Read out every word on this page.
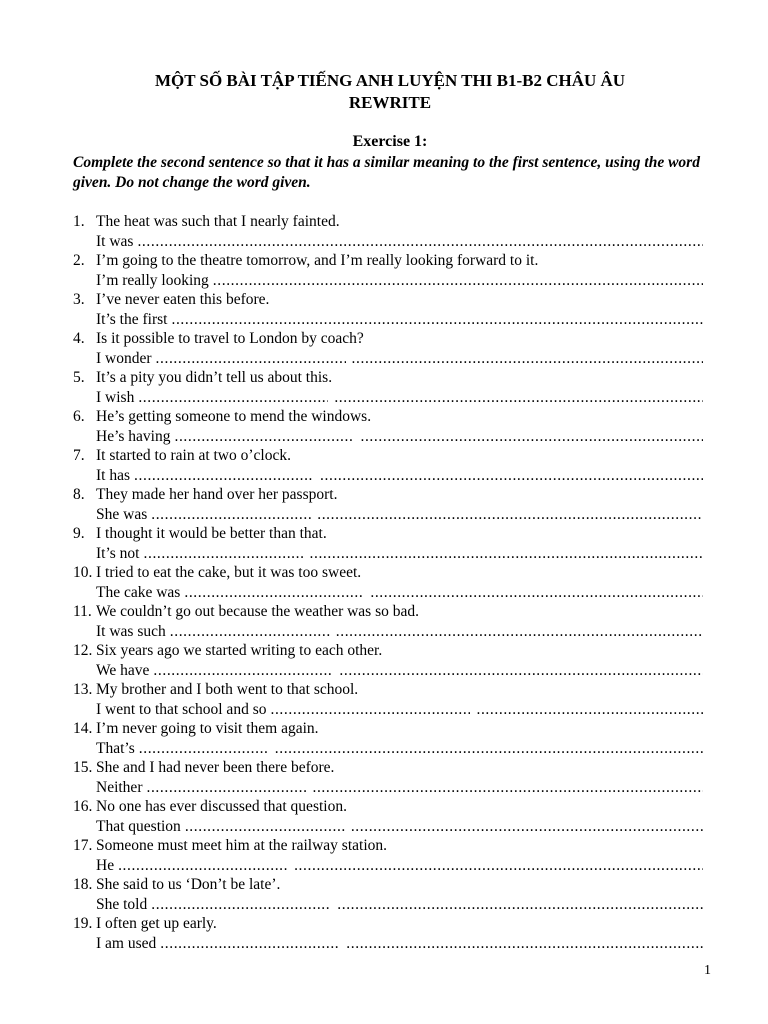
MỘT SỐ BÀI TẬP TIẾNG ANH LUYỆN THI B1-B2 CHÂU ÂU
REWRITE
Exercise 1:
Complete the second sentence so that it has a similar meaning to the first sentence, using the word given. Do not change the word given.
1. The heat was such that I nearly fainted.
It was
.....
2. I’m going to the theatre tomorrow, and I’m really looking forward to it.
I’m really looking
.....
3. I’ve never eaten this before.
It’s the first
.....
4. Is it possible to travel to London by coach?
I wonder
.....
.....
5. It’s a pity you didn’t tell us about this.
I wish
.....
.....
6. He’s getting someone to mend the windows.
He’s having
.....
.....
7. It started to rain at two o’clock.
It has
.....
.....
8. They made her hand over her passport.
She was
.....
.....
9. I thought it would be better than that.
It’s not
.....
.....
10. I tried to eat the cake, but it was too sweet.
The cake was
.....
.....
11. We couldn’t go out because the weather was so bad.
It was such
.....
.....
12. Six years ago we started writing to each other.
We have
.....
.....
13. My brother and I both went to that school.
I went to that school and so
.....
.....
14. I’m never going to visit them again.
That’s
.....
.....
15. She and I had never been there before.
Neither
.....
.....
16. No one has ever discussed that question.
That question
.....
.....
17. Someone must meet him at the railway station.
He
.....
.....
18. She said to us ‘Don’t be late’.
She told
.....
.....
19. I often get up early.
I am used
.....
.....
1
